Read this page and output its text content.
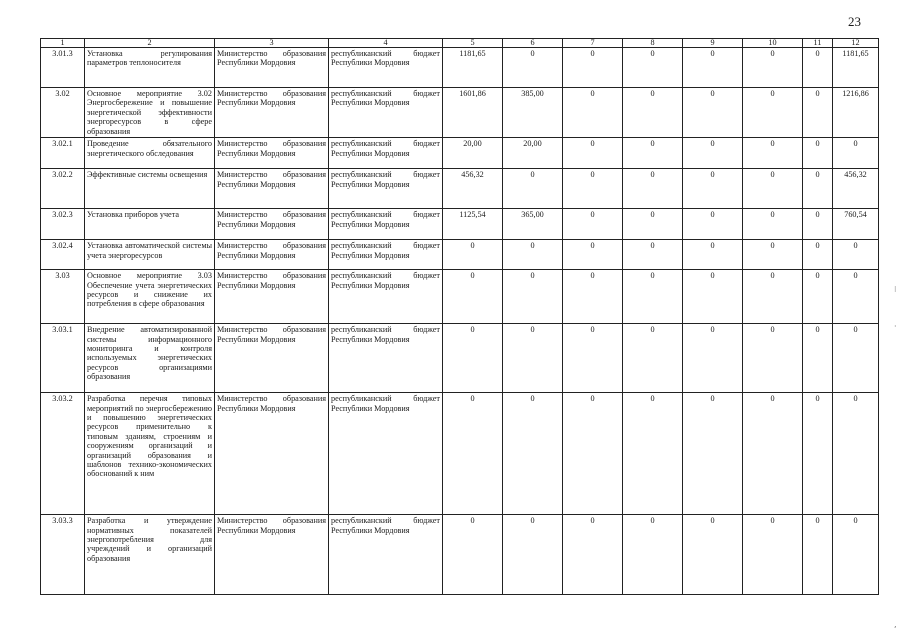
23
1	2	3	4	5	6	7	8	9	10	11	12
3.01.3	Установка регулирования параметров теплоносителя	Министерство образования Республики Мордовия	республиканский бюджет Республики Мордовия	1181,65	0	0	0	0	0	0	1181,65
3.02	Основное мероприятие 3.02 Энергосбережение и повышение энергетической эффективности энергоресурсов в сфере образования	Министерство образования Республики Мордовия	республиканский бюджет Республики Мордовия	1601,86	385,00	0	0	0	0	0	1216,86
3.02.1	Проведение обязательного энергетического обследования	Министерство образования Республики Мордовия	республиканский бюджет Республики Мордовия	20,00	20,00	0	0	0	0	0	0
3.02.2	Эффективные системы освещения	Министерство образования Республики Мордовия	республиканский бюджет Республики Мордовия	456,32	0	0	0	0	0	0	456,32
3.02.3	Установка приборов учета	Министерство образования Республики Мордовия	республиканский бюджет Республики Мордовия	1125,54	365,00	0	0	0	0	0	760,54
3.02.4	Установка автоматической системы учета энергоресурсов	Министерство образования Республики Мордовия	республиканский бюджет Республики Мордовия	0	0	0	0	0	0	0	0
3.03	Основное мероприятие 3.03 Обеспечение учета энергетических ресурсов и снижение их потребления в сфере образования	Министерство образования Республики Мордовия	республиканский бюджет Республики Мордовия	0	0	0	0	0	0	0	0
3.03.1	Внедрение автоматизированной системы информационного мониторинга и контроля используемых энергетических ресурсов организациями образования	Министерство образования Республики Мордовия	республиканский бюджет Республики Мордовия	0	0	0	0	0	0	0	0
3.03.2	Разработка перечня типовых мероприятий по энергосбережению и повышению энергетических ресурсов применительно к типовым зданиям, строениям и сооружениям организаций и организаций образования и шаблонов технико-экономических обоснований к ним	Министерство образования Республики Мордовия	республиканский бюджет Республики Мордовия	0	0	0	0	0	0	0	0
3.03.3	Разработка и утверждение нормативных показателей энергопотребления для учреждений и организаций образования	Министерство образования Республики Мордовия	республиканский бюджет Республики Мордовия	0	0	0	0	0	0	0	0
⁝
·
,
